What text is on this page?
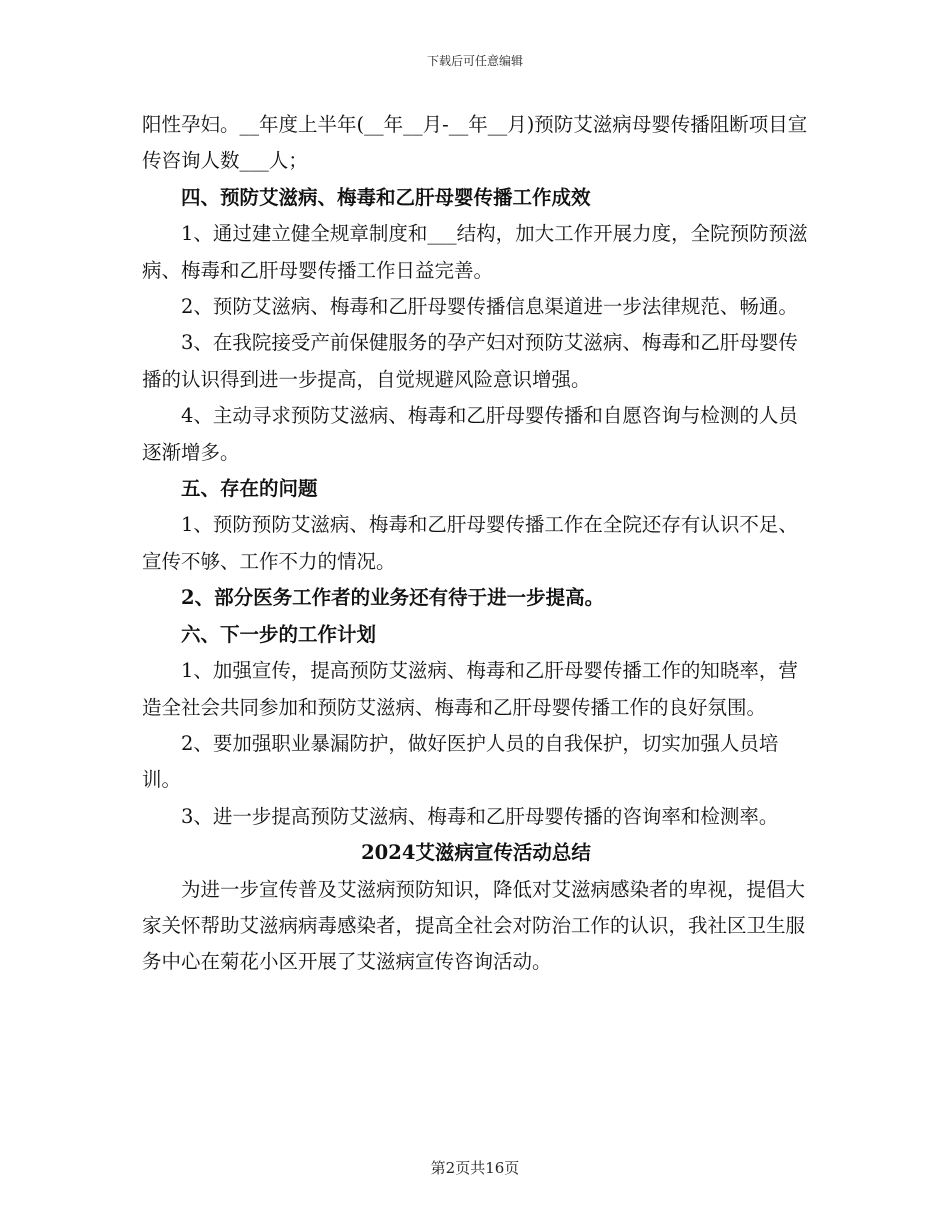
下载后可任意编辑

阳性孕妇。__年度上半年(__年__月-__年__月)预防艾滋病母婴传播阻断项目宣传咨询人数___人；

四、预防艾滋病、梅毒和乙肝母婴传播工作成效

1、通过建立健全规章制度和___结构，加大工作开展力度，全院预防预滋病、梅毒和乙肝母婴传播工作日益完善。

2、预防艾滋病、梅毒和乙肝母婴传播信息渠道进一步法律规范、畅通。

3、在我院接受产前保健服务的孕产妇对预防艾滋病、梅毒和乙肝母婴传播的认识得到进一步提高，自觉规避风险意识增强。

4、主动寻求预防艾滋病、梅毒和乙肝母婴传播和自愿咨询与检测的人员逐渐增多。

五、存在的问题

1、预防预防艾滋病、梅毒和乙肝母婴传播工作在全院还存有认识不足、宣传不够、工作不力的情况。

2、部分医务工作者的业务还有待于进一步提高。

六、下一步的工作计划

1、加强宣传，提高预防艾滋病、梅毒和乙肝母婴传播工作的知晓率，营造全社会共同参加和预防艾滋病、梅毒和乙肝母婴传播工作的良好氛围。

2、要加强职业暴漏防护，做好医护人员的自我保护，切实加强人员培训。

3、进一步提高预防艾滋病、梅毒和乙肝母婴传播的咨询率和检测率。

2024艾滋病宣传活动总结

为进一步宣传普及艾滋病预防知识，降低对艾滋病感染者的卑视，提倡大家关怀帮助艾滋病病毒感染者，提高全社会对防治工作的认识，我社区卫生服务中心在菊花小区开展了艾滋病宣传咨询活动。

第2页共16页
